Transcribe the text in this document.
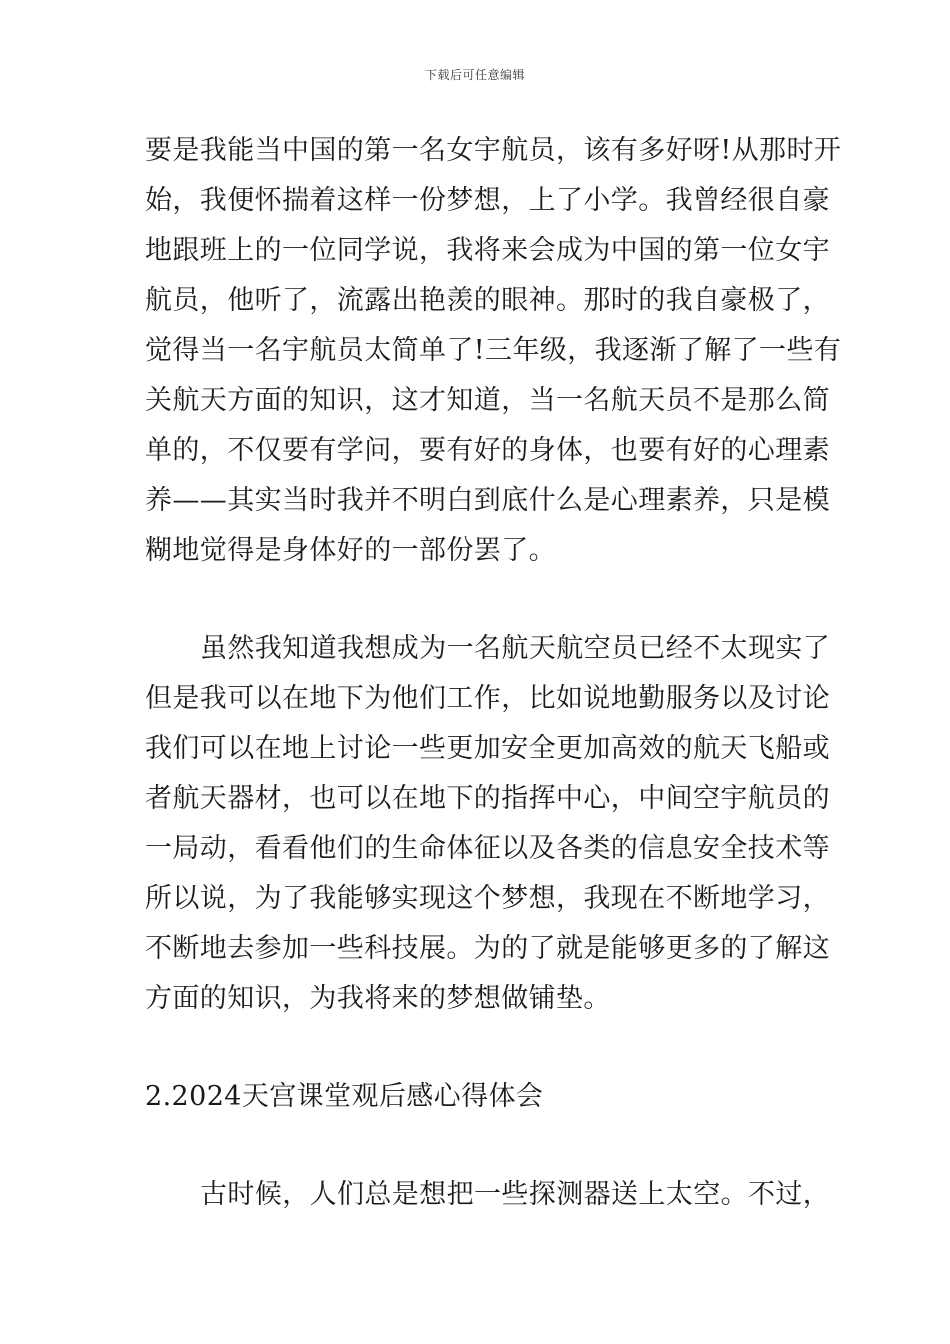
下载后可任意编辑
要是我能当中国的第一名女宇航员，该有多好呀!从那时开
始，我便怀揣着这样一份梦想，上了小学。我曾经很自豪
地跟班上的一位同学说，我将来会成为中国的第一位女宇
航员，他听了，流露出艳羡的眼神。那时的我自豪极了，
觉得当一名宇航员太简单了!三年级，我逐渐了解了一些有
关航天方面的知识，这才知道，当一名航天员不是那么简
单的，不仅要有学问，要有好的身体，也要有好的心理素
养——其实当时我并不明白到底什么是心理素养，只是模
糊地觉得是身体好的一部份罢了。
虽然我知道我想成为一名航天航空员已经不太现实了
但是我可以在地下为他们工作，比如说地勤服务以及讨论
我们可以在地上讨论一些更加安全更加高效的航天飞船或
者航天器材，也可以在地下的指挥中心，中间空宇航员的
一局动，看看他们的生命体征以及各类的信息安全技术等
所以说，为了我能够实现这个梦想，我现在不断地学习，
不断地去参加一些科技展。为的了就是能够更多的了解这
方面的知识，为我将来的梦想做铺垫。
2.2024天宫课堂观后感心得体会
古时候，人们总是想把一些探测器送上太空。不过，
